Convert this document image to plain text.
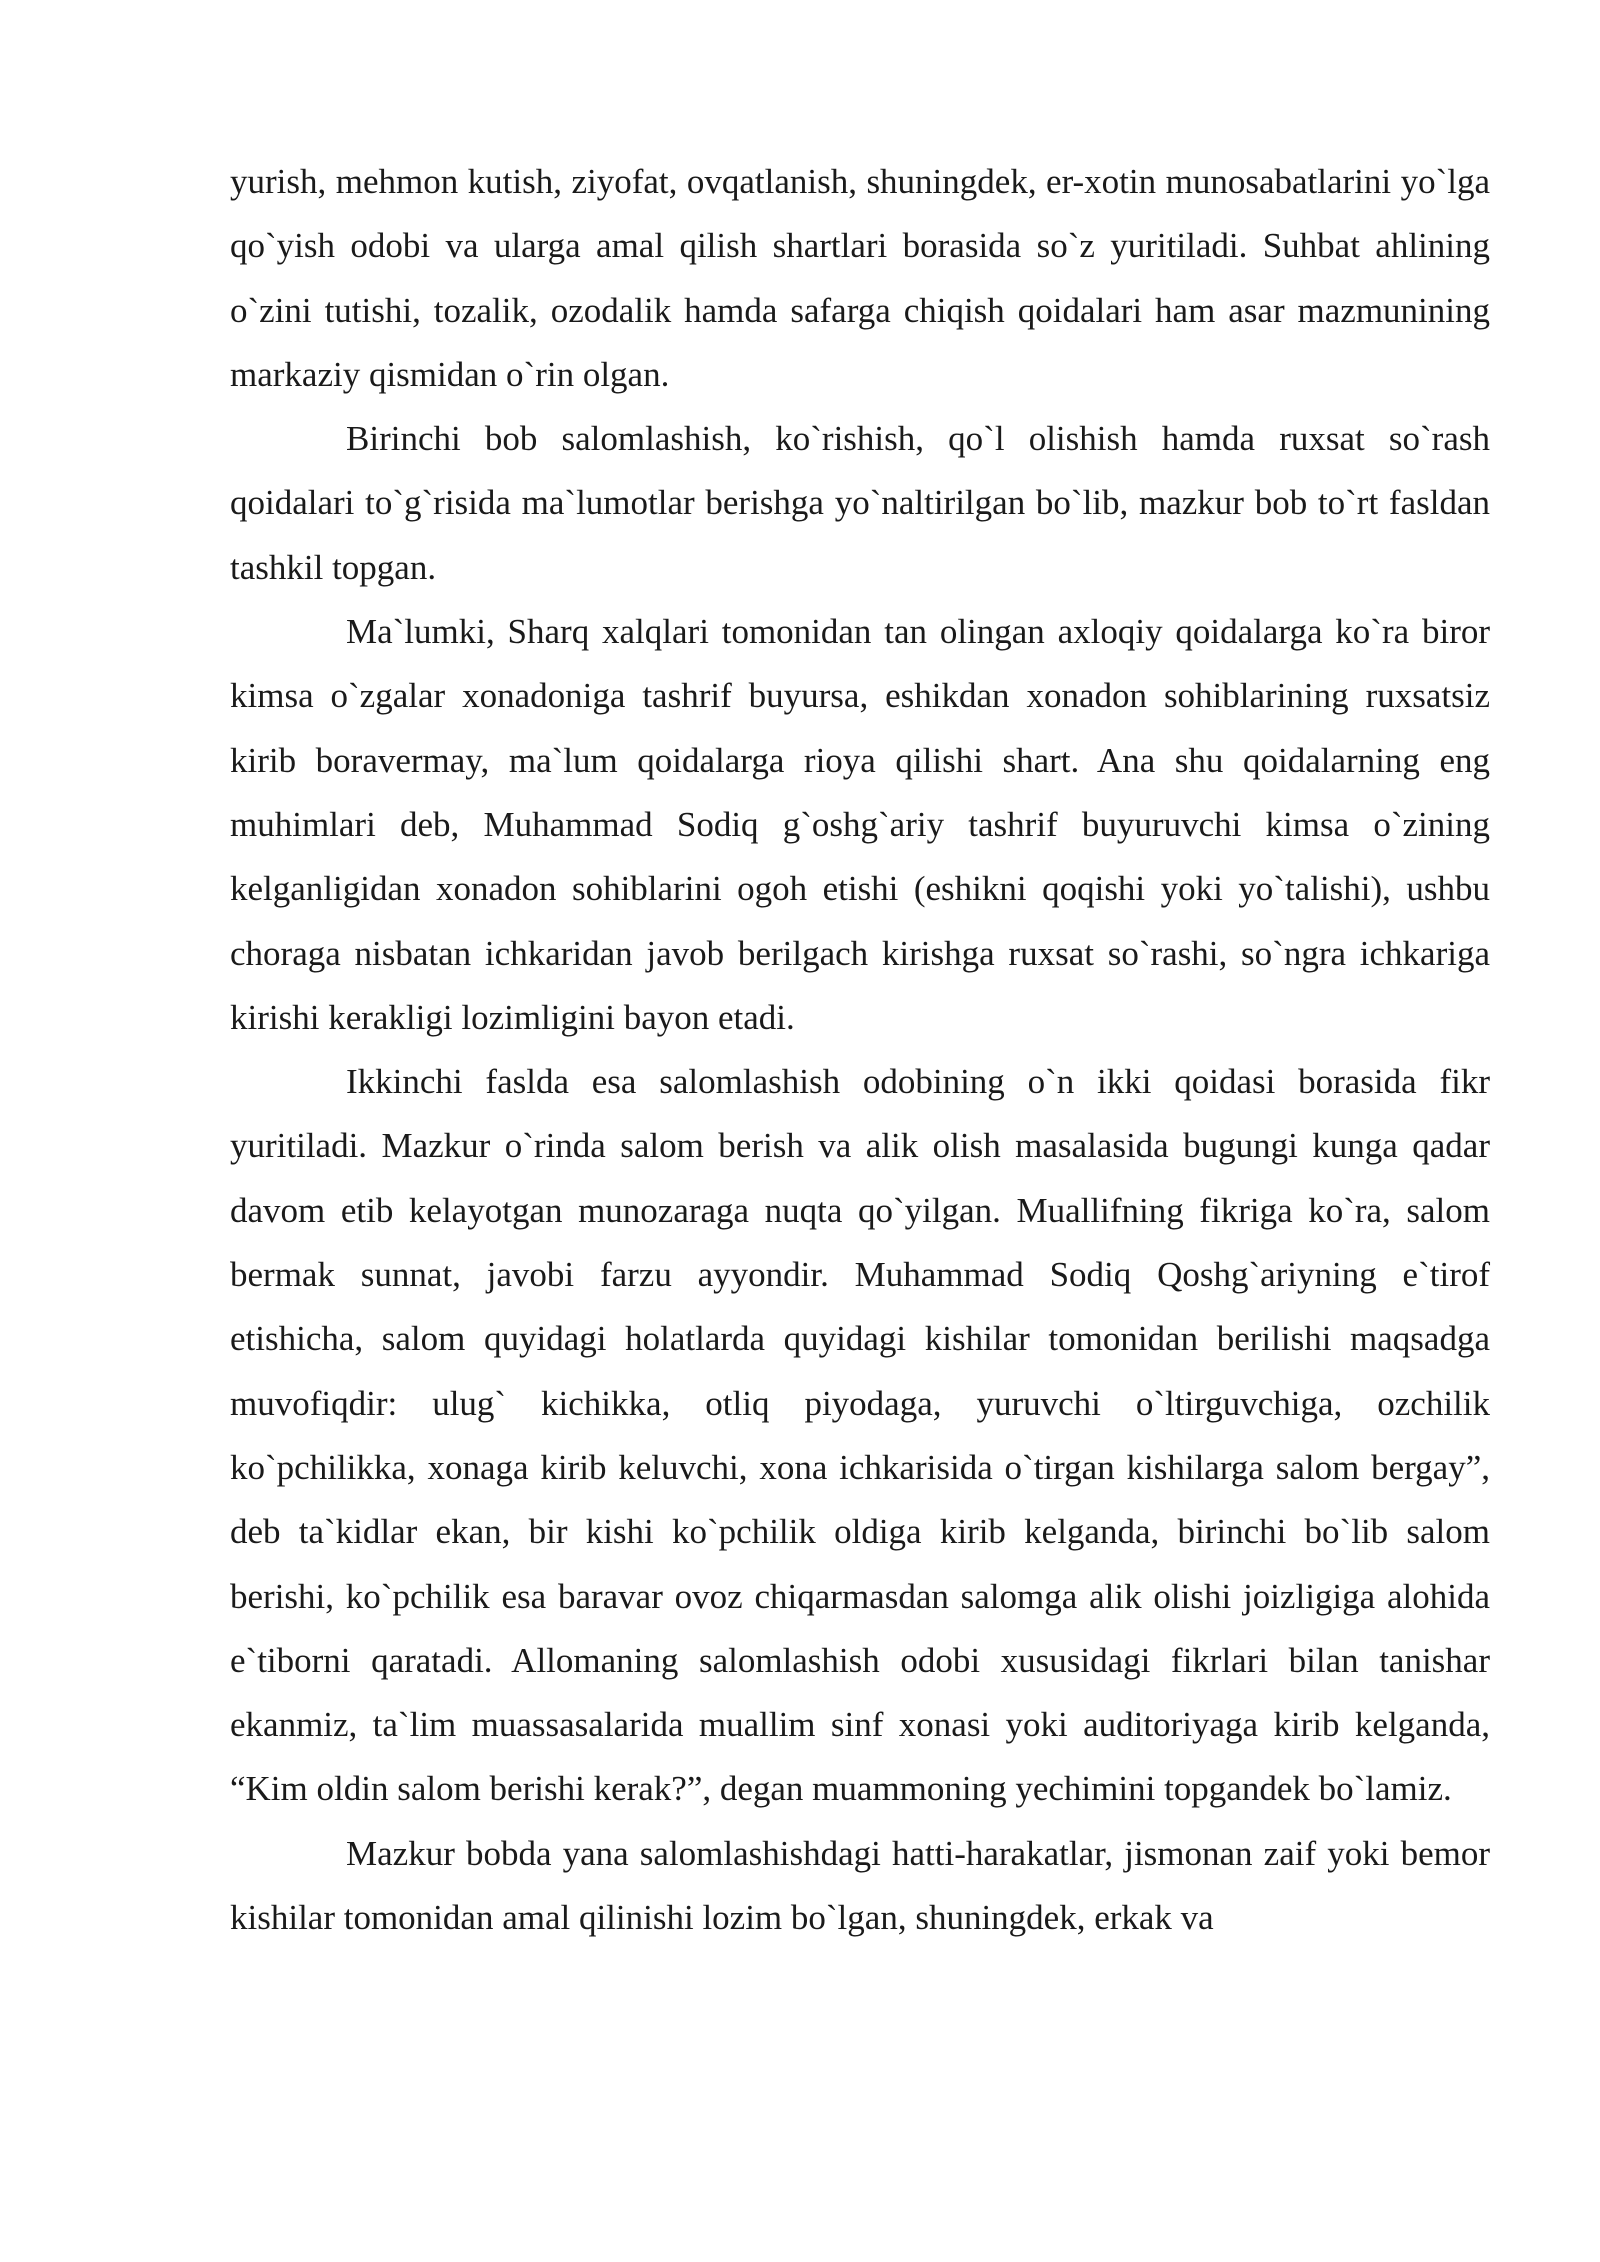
yurish, mehmon kutish, ziyofat, ovqatlanish, shuningdek, er-xotin munosabatlarini yo`lga qo`yish odobi va ularga amal qilish shartlari borasida so`z yuritiladi. Suhbat ahlining o`zini tutishi, tozalik, ozodalik hamda safarga chiqish qoidalari ham asar mazmunining markaziy qismidan o`rin olgan.

Birinchi bob salomlashish, ko`rishish, qo`l olishish hamda ruxsat so`rash qoidalari to`g`risida ma`lumotlar berishga yo`naltirilgan bo`lib, mazkur bob to`rt fasldan tashkil topgan.

Ma`lumki, Sharq xalqlari tomonidan tan olingan axloqiy qoidalarga ko`ra biror kimsa o`zgalar xonadoniga tashrif buyursa, eshikdan xonadon sohiblarining ruxsatsiz kirib boravermay, ma`lum qoidalarga rioya qilishi shart. Ana shu qoidalarning eng muhimlari deb, Muhammad Sodiq g`oshg`ariy tashrif buyuruvchi kimsa o`zining kelganligidan xonadon sohiblarini ogoh etishi (eshikni qoqishi yoki yo`talishi), ushbu choraga nisbatan ichkaridan javob berilgach kirishga ruxsat so`rashi, so`ngra ichkariga kirishi kerakligi lozimligini bayon etadi.

Ikkinchi faslda esa salomlashish odobining o`n ikki qoidasi borasida fikr yuritiladi. Mazkur o`rinda salom berish va alik olish masalasida bugungi kunga qadar davom etib kelayotgan munozaraga nuqta qo`yilgan. Muallifning fikriga ko`ra, salom bermak sunnat, javobi farzu ayyondir. Muhammad Sodiq Qoshg`ariyning e`tirof etishicha, salom quyidagi holatlarda quyidagi kishilar tomonidan berilishi maqsadga muvofiqdir: ulug` kichikka, otliq piyodaga, yuruvchi o`ltirguvchiga, ozchilik ko`pchilikka, xonaga kirib keluvchi, xona ichkarisida o`tirgan kishilarga salom bergay”, deb ta`kidlar ekan, bir kishi ko`pchilik oldiga kirib kelganda, birinchi bo`lib salom berishi, ko`pchilik esa baravar ovoz chiqarmasdan salomga alik olishi joizligiga alohida e`tiborni qaratadi. Allomaning salomlashish odobi xususidagi fikrlari bilan tanishar ekanmiz, ta`lim muassasalarida muallim sinf xonasi yoki auditoriyaga kirib kelganda, “Kim oldin salom berishi kerak?”, degan muammoning yechimini topgandek bo`lamiz.

Mazkur bobda yana salomlashishdagi hatti-harakatlar, jismonan zaif yoki bemor kishilar tomonidan amal qilinishi lozim bo`lgan, shuningdek, erkak va
